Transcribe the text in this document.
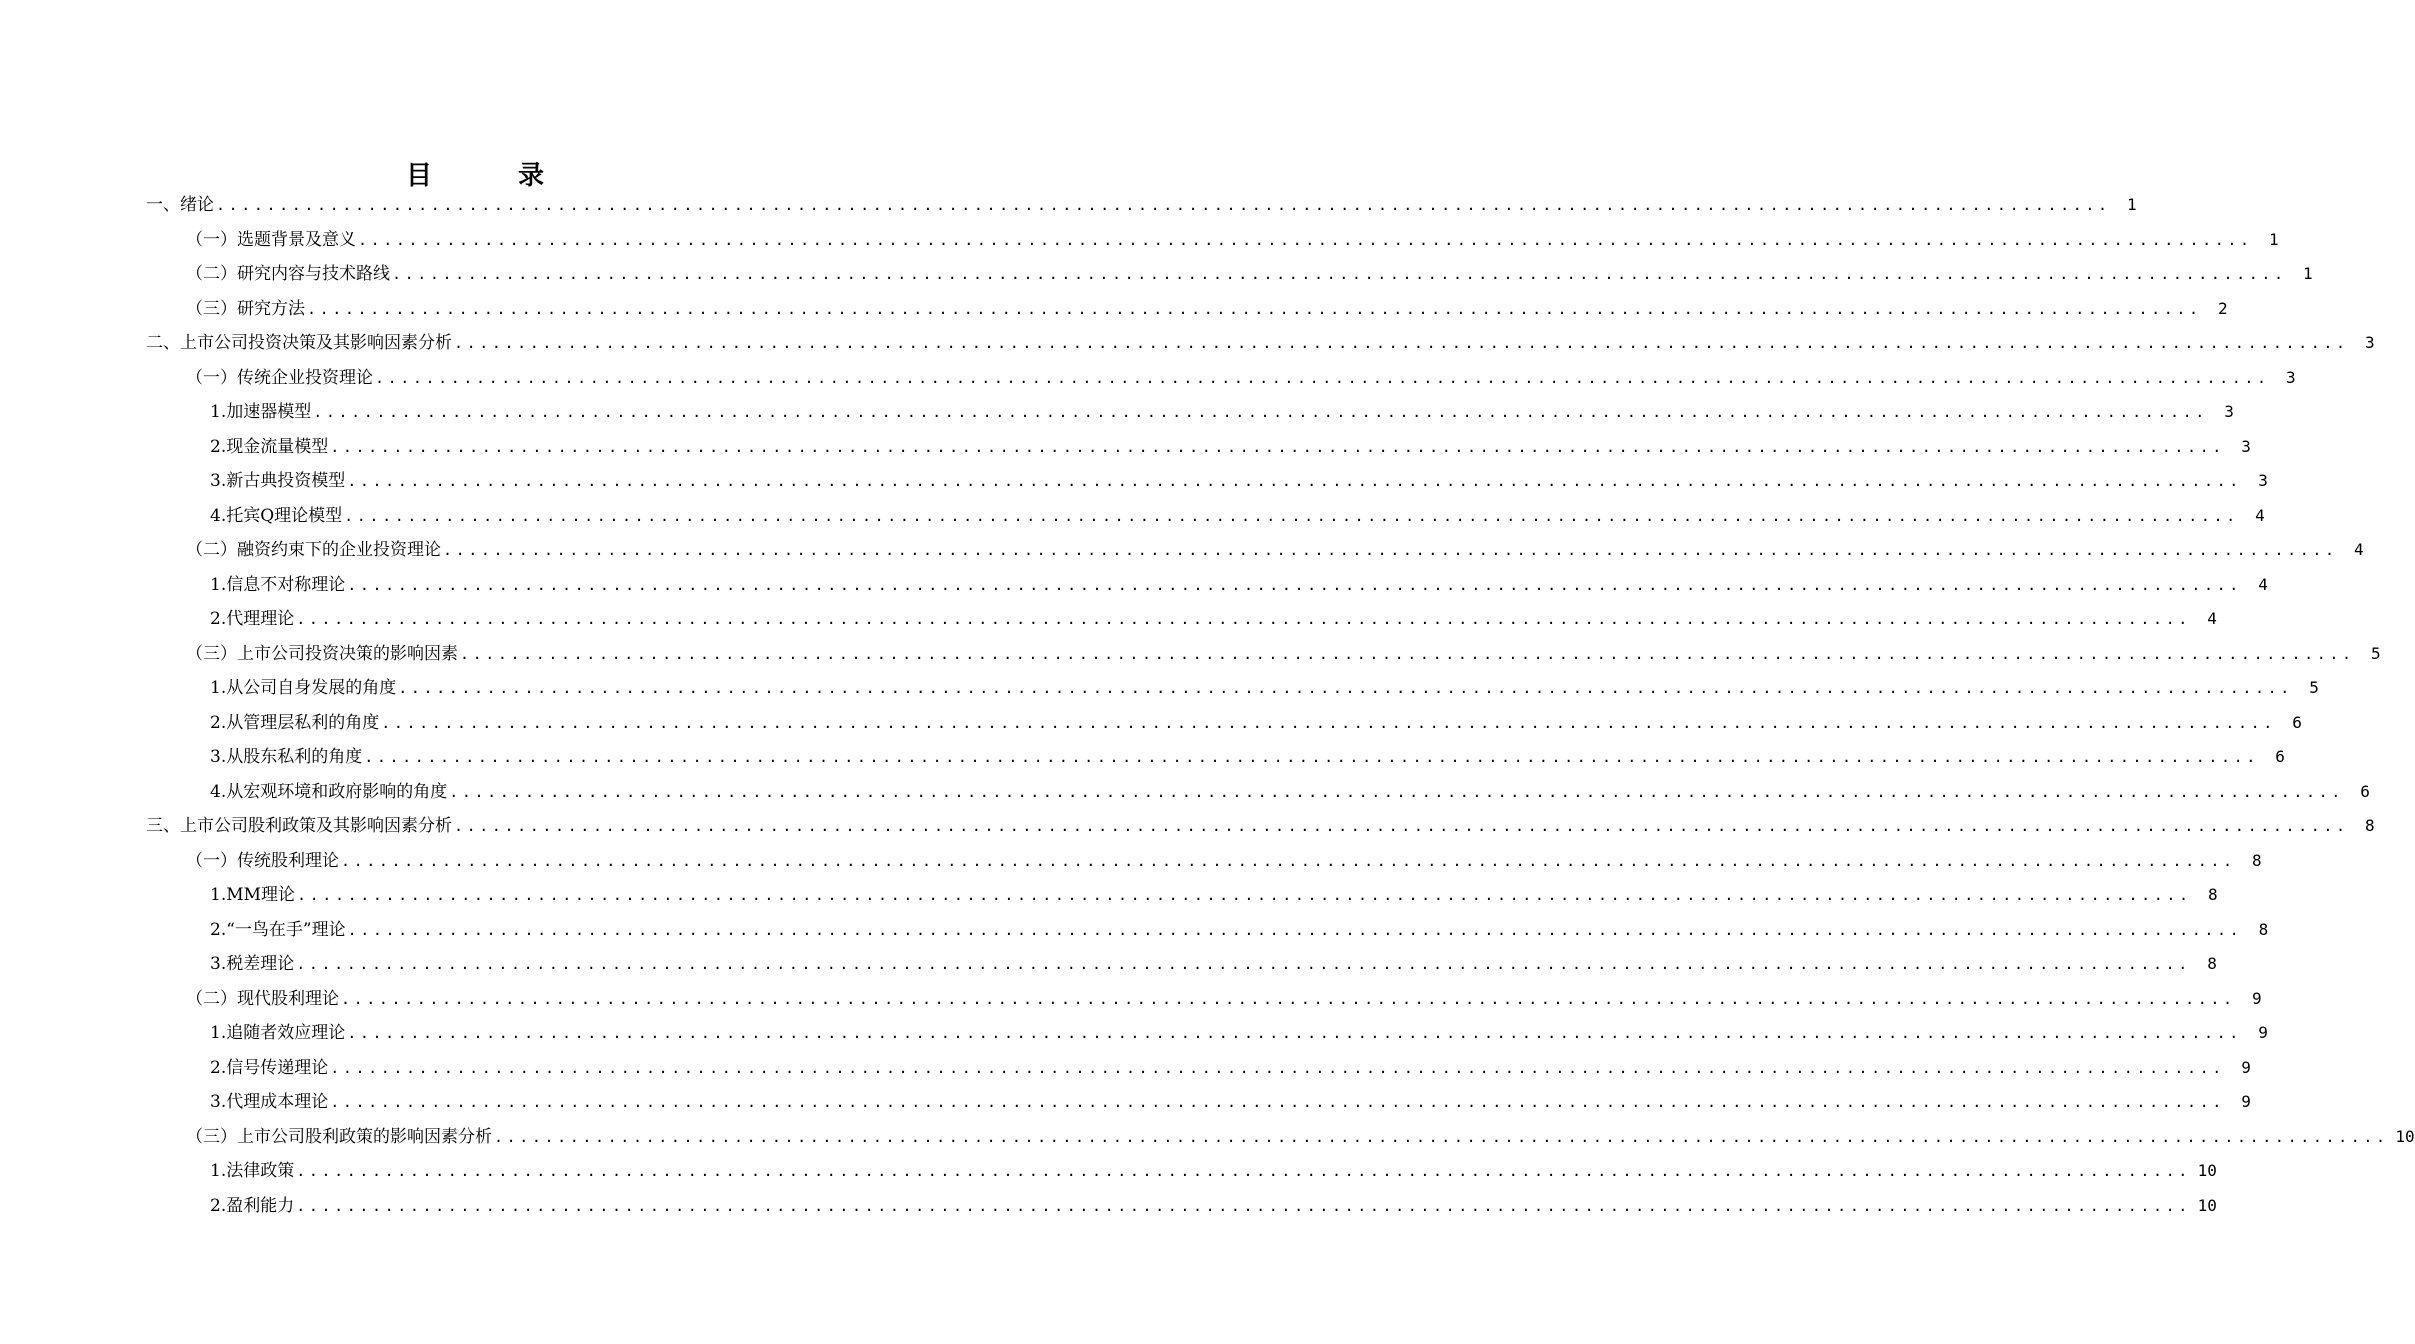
目　录
一、绪论 ......................................................................................................................................................	1
（一）选题背景及意义 ......................................................................................................................................................	1
（二）研究内容与技术路线 ......................................................................................................................................................	1
（三）研究方法 ......................................................................................................................................................	2
二、上市公司投资决策及其影响因素分析 ......................................................................................................................................................	3
（一）传统企业投资理论 ......................................................................................................................................................	3
1.加速器模型 ......................................................................................................................................................	3
2.现金流量模型 ......................................................................................................................................................	3
3.新古典投资模型 ......................................................................................................................................................	3
4.托宾Q理论模型 ......................................................................................................................................................	4
（二）融资约束下的企业投资理论 ......................................................................................................................................................	4
1.信息不对称理论 ......................................................................................................................................................	4
2.代理理论 ......................................................................................................................................................	4
（三）上市公司投资决策的影响因素 ......................................................................................................................................................	5
1.从公司自身发展的角度 ......................................................................................................................................................	5
2.从管理层私利的角度 ......................................................................................................................................................	6
3.从股东私利的角度 ......................................................................................................................................................	6
4.从宏观环境和政府影响的角度 ......................................................................................................................................................	6
三、上市公司股利政策及其影响因素分析 ......................................................................................................................................................	8
（一）传统股利理论 ......................................................................................................................................................	8
1.MM理论 ......................................................................................................................................................	8
2.“一鸟在手”理论 ......................................................................................................................................................	8
3.税差理论 ......................................................................................................................................................	8
（二）现代股利理论 ......................................................................................................................................................	9
1.追随者效应理论 ......................................................................................................................................................	9
2.信号传递理论 ......................................................................................................................................................	9
3.代理成本理论 ......................................................................................................................................................	9
（三）上市公司股利政策的影响因素分析 ...................................................................................................................................................... 10
1.法律政策 ...................................................................................................................................................... 10
2.盈利能力 ...................................................................................................................................................... 10
